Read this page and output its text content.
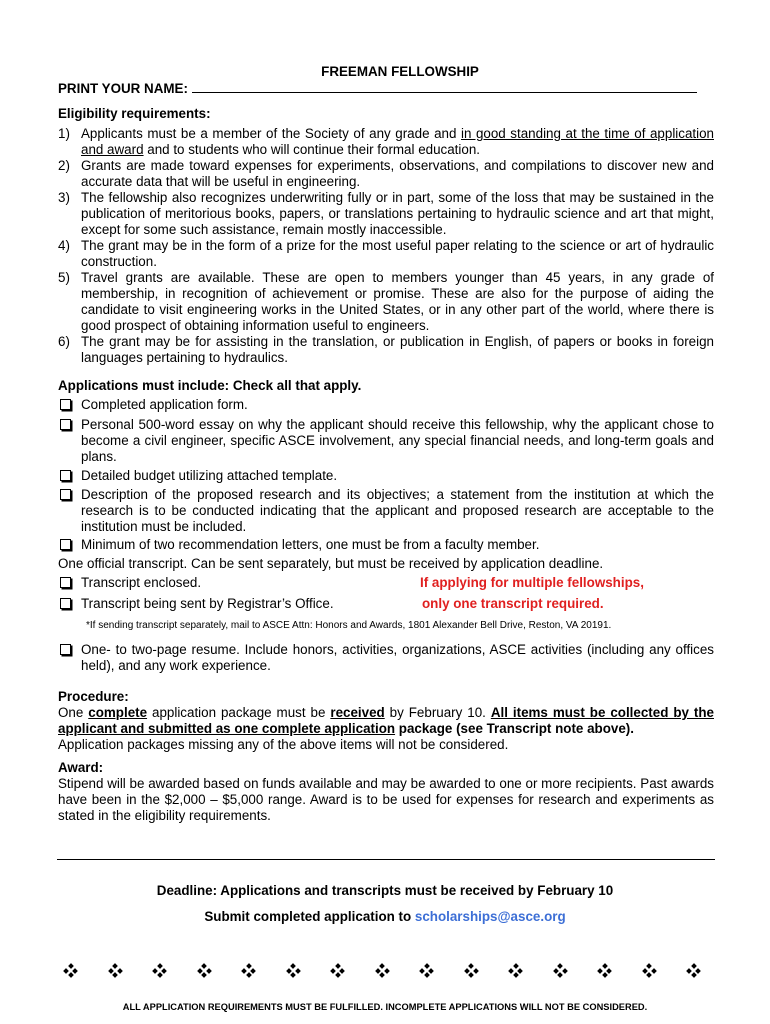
FREEMAN FELLOWSHIP
PRINT YOUR NAME:
Eligibility requirements:
1) Applicants must be a member of the Society of any grade and in good standing at the time of application and award and to students who will continue their formal education.
2) Grants are made toward expenses for experiments, observations, and compilations to discover new and accurate data that will be useful in engineering.
3) The fellowship also recognizes underwriting fully or in part, some of the loss that may be sustained in the publication of meritorious books, papers, or translations pertaining to hydraulic science and art that might, except for some such assistance, remain mostly inaccessible.
4) The grant may be in the form of a prize for the most useful paper relating to the science or art of hydraulic construction.
5) Travel grants are available. These are open to members younger than 45 years, in any grade of membership, in recognition of achievement or promise. These are also for the purpose of aiding the candidate to visit engineering works in the United States, or in any other part of the world, where there is good prospect of obtaining information useful to engineers.
6) The grant may be for assisting in the translation, or publication in English, of papers or books in foreign languages pertaining to hydraulics.
Applications must include: Check all that apply.
Completed application form.
Personal 500-word essay on why the applicant should receive this fellowship, why the applicant chose to become a civil engineer, specific ASCE involvement, any special financial needs, and long-term goals and plans.
Detailed budget utilizing attached template.
Description of the proposed research and its objectives; a statement from the institution at which the research is to be conducted indicating that the applicant and proposed research are acceptable to the institution must be included.
Minimum of two recommendation letters, one must be from a faculty member.
One official transcript. Can be sent separately, but must be received by application deadline.
Transcript enclosed.	If applying for multiple fellowships,
Transcript being sent by Registrar’s Office.	only one transcript required.
*If sending transcript separately, mail to ASCE Attn: Honors and Awards, 1801 Alexander Bell Drive, Reston, VA 20191.
One- to two-page resume. Include honors, activities, organizations, ASCE activities (including any offices held), and any work experience.
Procedure:
One complete application package must be received by February 10. All items must be collected by the applicant and submitted as one complete application package (see Transcript note above).
Application packages missing any of the above items will not be considered.
Award:
Stipend will be awarded based on funds available and may be awarded to one or more recipients. Past awards have been in the $2,000 – $5,000 range. Award is to be used for expenses for research and experiments as stated in the eligibility requirements.
Deadline: Applications and transcripts must be received by February 10
Submit completed application to scholarships@asce.org
ALL APPLICATION REQUIREMENTS MUST BE FULFILLED. INCOMPLETE APPLICATIONS WILL NOT BE CONSIDERED.
